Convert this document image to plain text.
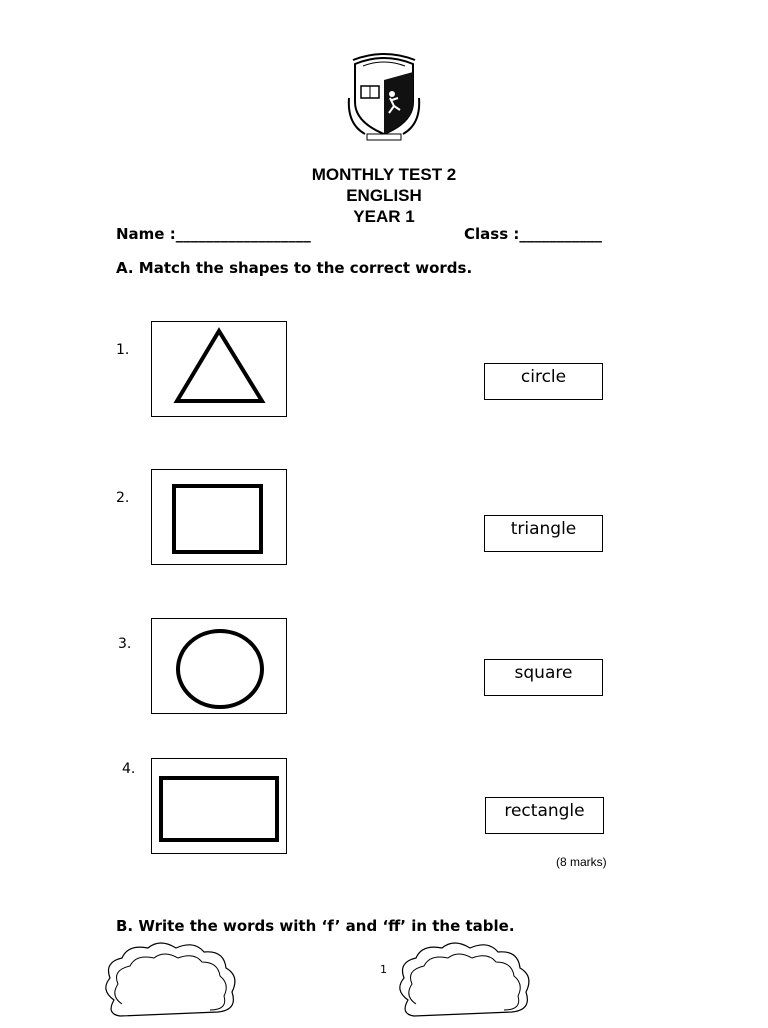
MONTHLY TEST 2
ENGLISH
YEAR 1
Name :__________________	Class :___________
A. Match the shapes to the correct words.
1.
2.
3.
4.
circle
triangle
square
rectangle
(8 marks)
B. Write the words with ‘f’ and ‘ff’ in the table.
1
